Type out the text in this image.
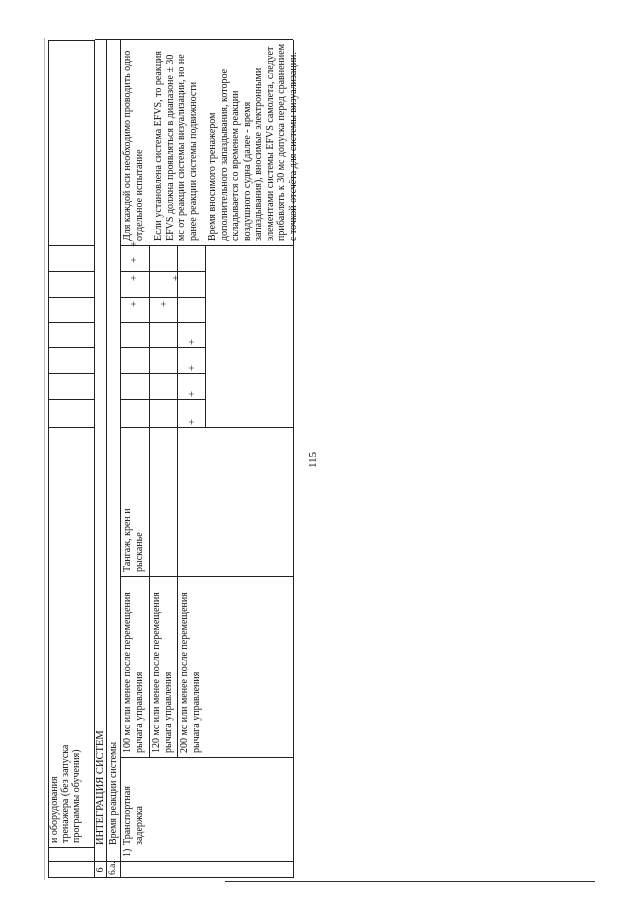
115
и оборудования тренажера (без запуска программы обучения)
6
ИНТЕГРАЦИЯ СИСТЕМ
6.а.
Время реакции системы
1)
Транспортная задержка
100 мс или менее после перемещения рычага управления 120 мс или менее после перемещения рычага управления 200 мс или менее после перемещения рычага управления
Тангаж, крен и рысканье
+
+
+
+
+
+
+
+
+
+
Для каждой оси необходимо проводить одно отдельное испытание Если установлена система EFVS, то реакция EFVS должна проявляться в диапазоне ± 30 мс от реакции системы визуализации, но не ранее реакции системы подвижности Время вносимого тренажером дополнительного запаздывания, которое складывается со временем реакции воздушного судна (далее - время запаздывания), вносимые электронными элементами системы EFVS самолета, следует прибавлять к 30 мс допуска перед сравнением с точкой отсчёта для системы визуализации.
